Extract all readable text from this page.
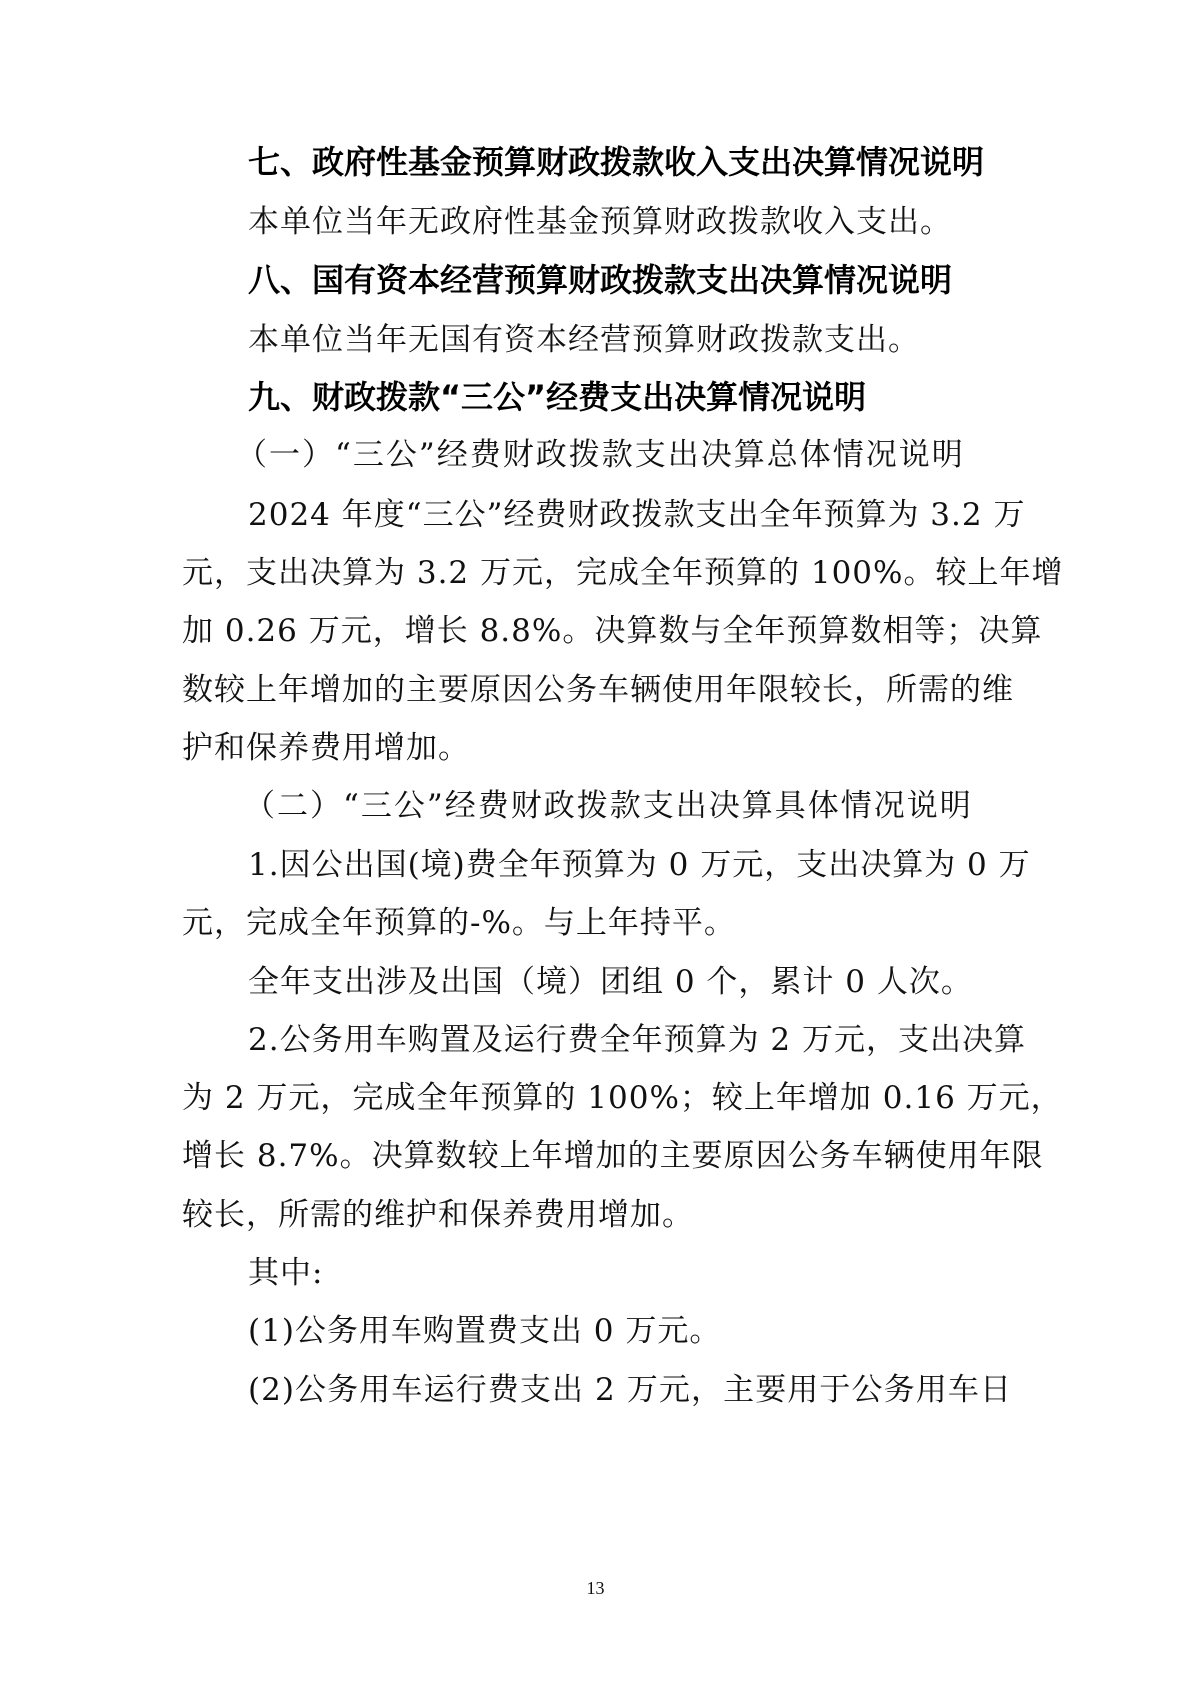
七、政府性基金预算财政拨款收入支出决算情况说明
本单位当年无政府性基金预算财政拨款收入支出。
八、国有资本经营预算财政拨款支出决算情况说明
本单位当年无国有资本经营预算财政拨款支出。
九、财政拨款“三公”经费支出决算情况说明
（一）“三公”经费财政拨款支出决算总体情况说明
2024 年度“三公”经费财政拨款支出全年预算为 3.2 万
元，支出决算为 3.2 万元，完成全年预算的 100%。较上年增
加 0.26 万元，增长 8.8%。决算数与全年预算数相等；决算
数较上年增加的主要原因公务车辆使用年限较长，所需的维
护和保养费用增加。
（二）“三公”经费财政拨款支出决算具体情况说明
1.因公出国(境)费全年预算为 0 万元，支出决算为 0 万
元，完成全年预算的-%。与上年持平。
全年支出涉及出国（境）团组 0 个，累计 0 人次。
2.公务用车购置及运行费全年预算为 2 万元，支出决算
为 2 万元，完成全年预算的 100%；较上年增加 0.16 万元，
增长 8.7%。决算数较上年增加的主要原因公务车辆使用年限
较长，所需的维护和保养费用增加。
其中:
(1)公务用车购置费支出 0 万元。
(2)公务用车运行费支出 2 万元，主要用于公务用车日
13
